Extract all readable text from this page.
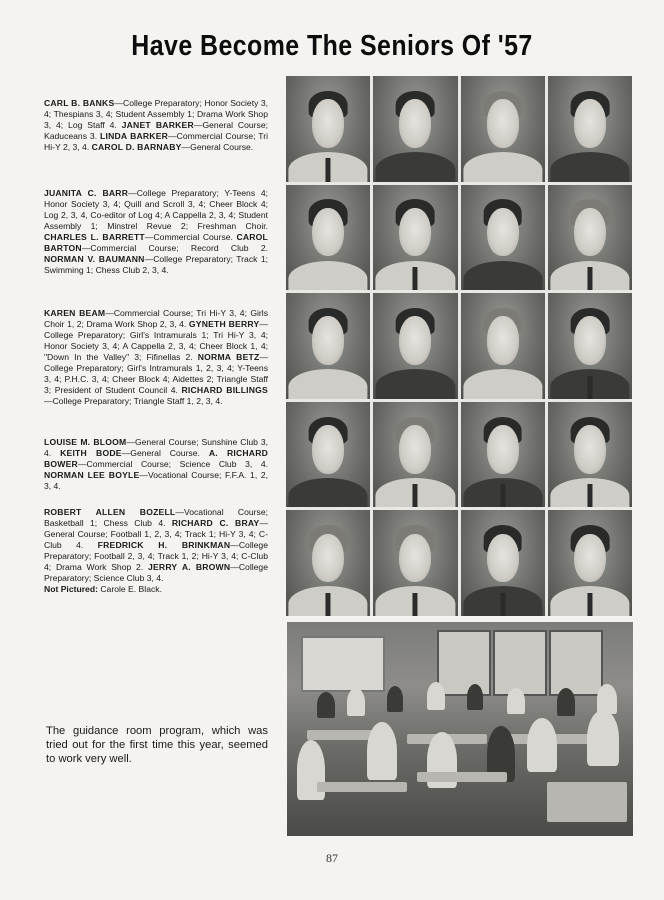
Have Become The Seniors Of '57
CARL B. BANKS—College Preparatory; Honor Society 3, 4; Thespians 3, 4; Student Assembly 1; Drama Work Shop 3, 4; Log Staff 4. JANET BARKER—General Course; Kaduceans 3. LINDA BARKER—Commercial Course; Tri Hi-Y 2, 3, 4. CAROL D. BARNABY—General Course.
JUANITA C. BARR—College Preparatory; Y-Teens 4; Honor Society 3, 4; Quill and Scroll 3, 4; Cheer Block 4; Log 2, 3, 4, Co-editor of Log 4; A Cappella 2, 3, 4; Student Assembly 1; Minstrel Revue 2; Freshman Choir. CHARLES L. BARRETT—Commercial Course. CAROL BARTON—Commercial Course; Record Club 2. NORMAN V. BAUMANN—College Preparatory; Track 1; Swimming 1; Chess Club 2, 3, 4.
KAREN BEAM—Commercial Course; Tri Hi-Y 3, 4; Girls Choir 1, 2; Drama Work Shop 2, 3, 4. GYNETH BERRY—College Preparatory; Girl's Intramurals 1; Tri Hi-Y 3, 4; Honor Society 3, 4; A Cappella 2, 3, 4; Cheer Block 1, 4; "Down In the Valley" 3; Fifinellas 2. NORMA BETZ—College Preparatory; Girl's Intramurals 1, 2, 3, 4; Y-Teens 3, 4; P.H.C. 3, 4; Cheer Block 4; Aidettes 2; Triangle Staff 3; President of Student Council 4. RICHARD BILLINGS—College Preparatory; Triangle Staff 1, 2, 3, 4.
LOUISE M. BLOOM—General Course; Sunshine Club 3, 4. KEITH BODE—General Course. A. RICHARD BOWER—Commercial Course; Science Club 3, 4. NORMAN LEE BOYLE—Vocational Course; F.F.A. 1, 2, 3, 4.
ROBERT ALLEN BOZELL—Vocational Course; Basketball 1; Chess Club 4. RICHARD C. BRAY—General Course; Football 1, 2, 3, 4; Track 1; Hi-Y 3, 4; C-Club 4. FREDRICK H. BRINKMAN—College Preparatory; Football 2, 3, 4; Track 1, 2; Hi-Y 3, 4; C-Club 4; Drama Work Shop 2. JERRY A. BROWN—College Preparatory; Science Club 3, 4.
Not Pictured: Carole E. Black.
The guidance room program, which was tried out for the first time this year, seemed to work very well.
87
